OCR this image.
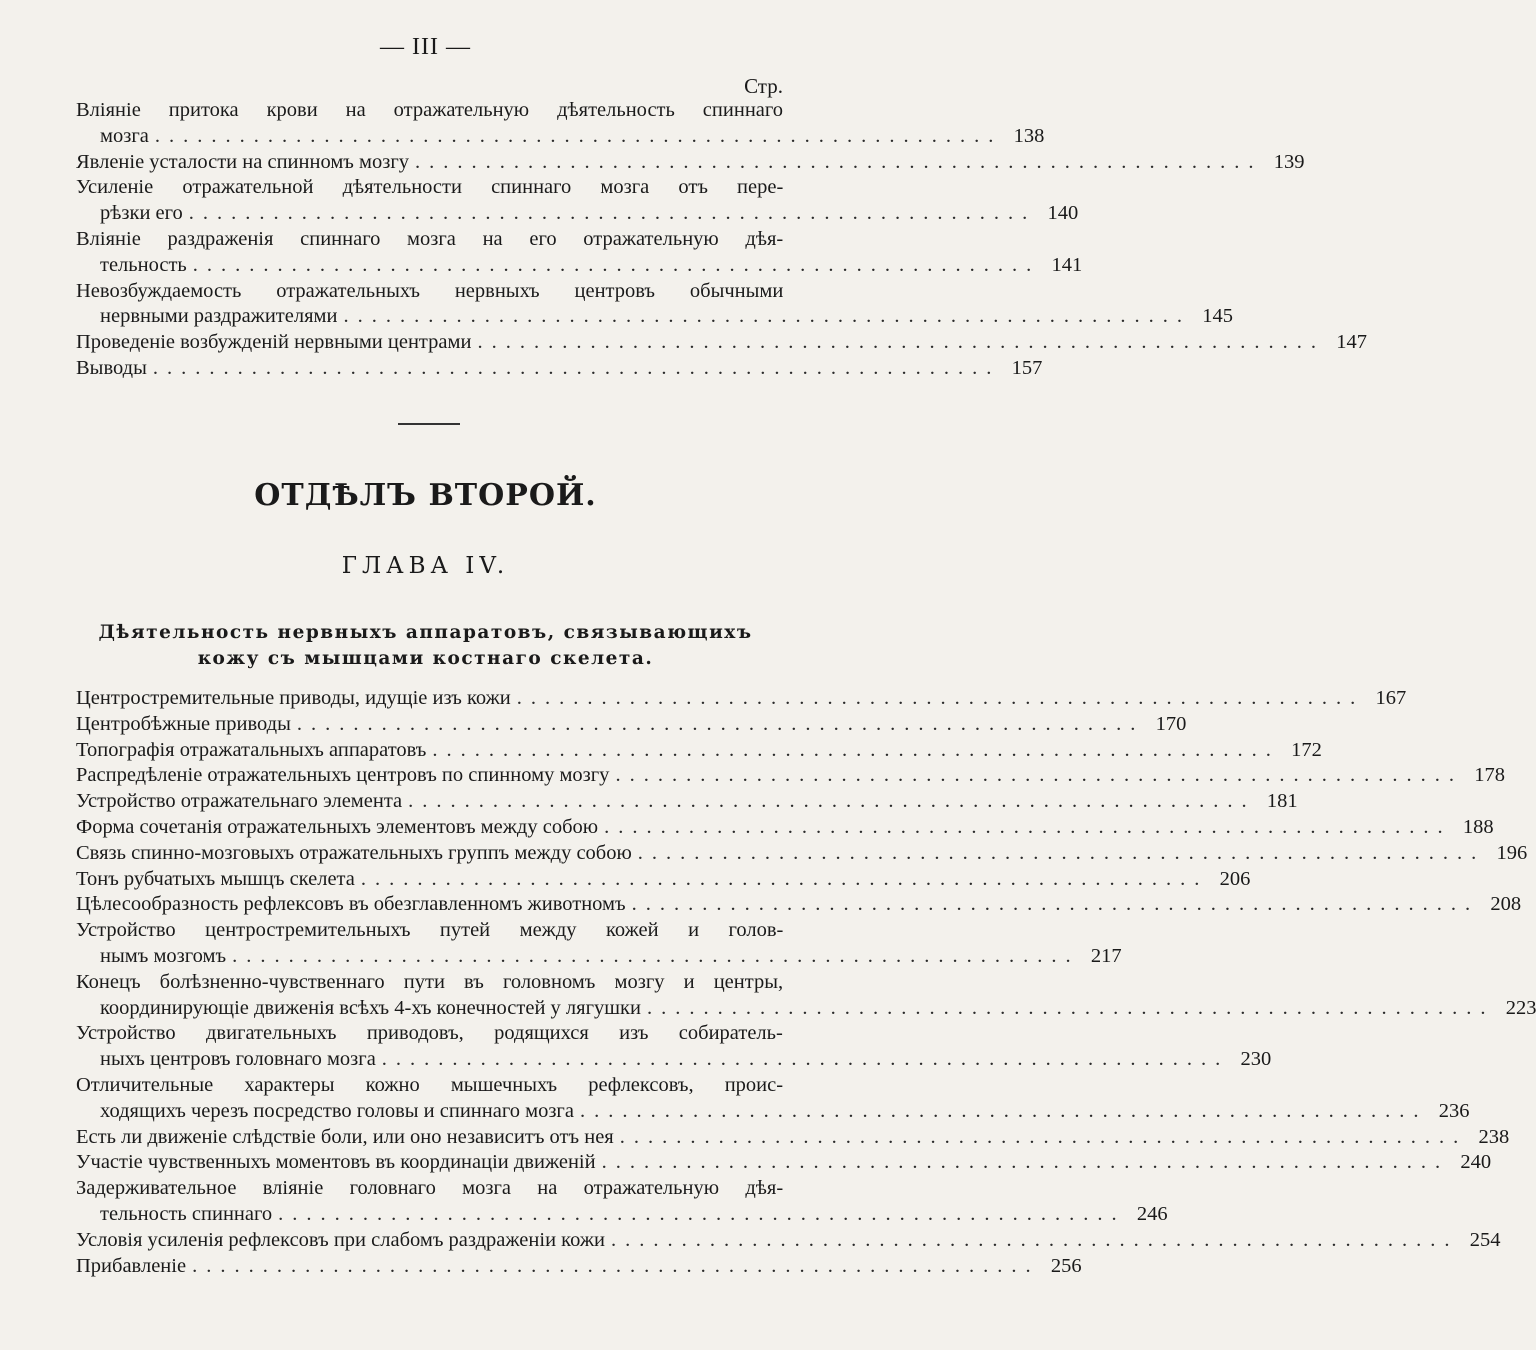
— III —
Стр.
Вліяніе притока крови на отражательную дѣятельность спиннаго
мозга ............................................................ 138
Явленіе усталости на спинномъ мозгу ............................................................ 139
Усиленіе отражательной дѣятельности спиннаго мозга отъ пере-
рѣзки его ............................................................ 140
Вліяніе раздраженія спиннаго мозга на его отражательную дѣя-
тельность ............................................................ 141
Невозбуждаемость отражательныхъ нервныхъ центровъ обычными
нервными раздражителями ............................................................ 145
Проведеніе возбужденій нервными центрами ............................................................ 147
Выводы ............................................................ 157
ОТДѢЛЪ ВТОРОЙ.
ГЛАВА IV.
Дѣятельность нервныхъ аппаратовъ, связывающихъ
кожу съ мышцами костнаго скелета.
Центростремительные приводы, идущіе изъ кожи ............................................................ 167
Центробѣжные приводы ............................................................ 170
Топографія отражатальныхъ аппаратовъ ............................................................ 172
Распредѣленіе отражательныхъ центровъ по спинному мозгу ............................................................ 178
Устройство отражательнаго элемента ............................................................ 181
Форма сочетанія отражательныхъ элементовъ между собою ............................................................ 188
Связь спинно-мозговыхъ отражательныхъ группъ между собою ............................................................ 196
Тонъ рубчатыхъ мышцъ скелета ............................................................ 206
Цѣлесообразность рефлексовъ въ обезглавленномъ животномъ ............................................................ 208
Устройство центростремительныхъ путей между кожей и голов-
нымъ мозгомъ ............................................................ 217
Конецъ болѣзненно-чувственнаго пути въ головномъ мозгу и центры,
координирующіе движенія всѣхъ 4-хъ конечностей у лягушки ............................................................ 223
Устройство двигательныхъ приводовъ, родящихся изъ собиратель-
ныхъ центровъ головнаго мозга ............................................................ 230
Отличительные характеры кожно мышечныхъ рефлексовъ, проис-
ходящихъ черезъ посредство головы и спиннаго мозга ............................................................ 236
Есть ли движеніе слѣдствіе боли, или оно независитъ отъ нея ............................................................ 238
Участіе чувственныхъ моментовъ въ координаціи движеній ............................................................ 240
Задерживательное вліяніе головнаго мозга на отражательную дѣя-
тельность спиннаго ............................................................ 246
Условія усиленія рефлексовъ при слабомъ раздраженіи кожи ............................................................ 254
Прибавленіе ............................................................ 256
